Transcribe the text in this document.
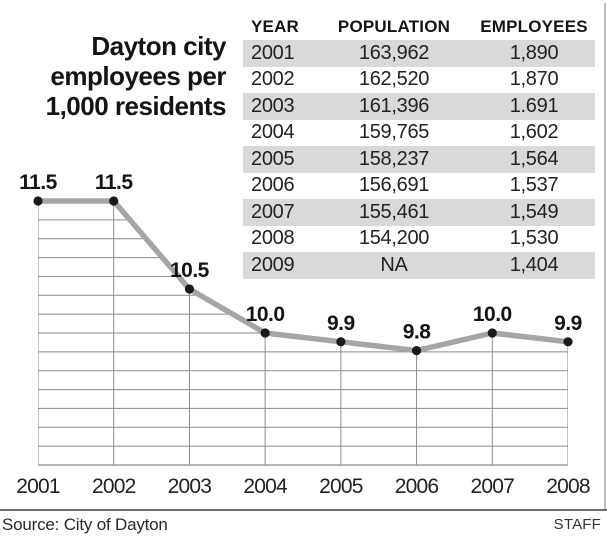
Dayton city
employees per
1,000 residents
YEAR	POPULATION	EMPLOYEES
2001	163,962	1,890
2002	162,520	1,870
2003	161,396	1.691
2004	159,765	1,602
2005	158,237	1,564
2006	156,691	1,537
2007	155,461	1,549
2008	154,200	1,530
2009	NA	1,404
11.5 11.5
10.5
10.0 9.9 9.8
10.0 9.9
2001 2002 2003 2004 2005 2006 2007 2008
Source: City of Dayton	STAFF
